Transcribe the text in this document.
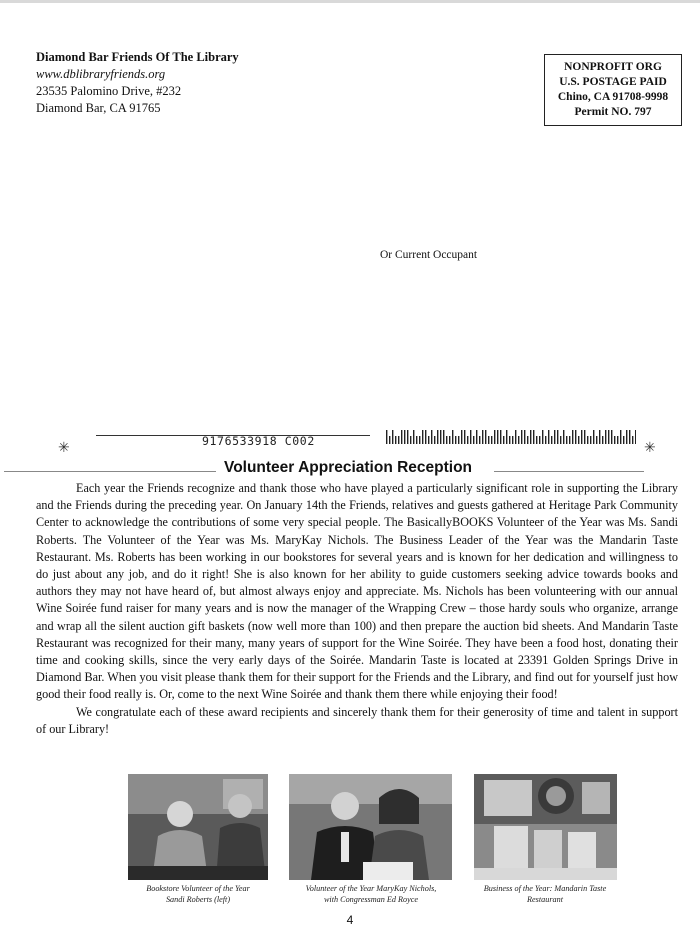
Diamond Bar Friends Of The Library
www.dblibraryfriends.org
23535 Palomino Drive, #232
Diamond Bar, CA 91765
NONPROFIT ORG
U.S. POSTAGE PAID
Chino, CA 91708-9998
Permit NO. 797
Or Current Occupant
✳	✳
9176533918 C002
Volunteer Appreciation Reception

Each year the Friends recognize and thank those who have played a particularly significant role in supporting the Library and the Friends during the preceding year. On January 14th the Friends, relatives and guests gathered at Heritage Park Community Center to acknowledge the contributions of some very special people. The BasicallyBOOKS Volunteer of the Year was Ms. Sandi Roberts. The Volunteer of the Year was Ms. MaryKay Nichols. The Business Leader of the Year was the Mandarin Taste Restaurant. Ms. Roberts has been working in our bookstores for several years and is known for her dedication and willingness to do just about any job, and do it right! She is also known for her ability to guide customers seeking advice towards books and authors they may not have heard of, but almost always enjoy and appreciate. Ms. Nichols has been volunteering with our annual Wine Soirée fund raiser for many years and is now the manager of the Wrapping Crew – those hardy souls who organize, arrange and wrap all the silent auction gift baskets (now well more than 100) and then prepare the auction bid sheets. And Mandarin Taste Restaurant was recognized for their many, many years of support for the Wine Soirée. They have been a food host, donating their time and cooking skills, since the very early days of the Soirée. Mandarin Taste is located at 23391 Golden Springs Drive in Diamond Bar. When you visit please thank them for their support for the Friends and the Library, and find out for yourself just how good their food really is. Or, come to the next Wine Soirée and thank them there while enjoying their food!

We congratulate each of these award recipients and sincerely thank them for their generosity of time and talent in support of our Library!

Bookstore Volunteer of the Year
Sandi Roberts (left)
Volunteer of the Year MaryKay Nichols,
with Congressman Ed Royce
Business of the Year: Mandarin Taste
Restaurant
4
